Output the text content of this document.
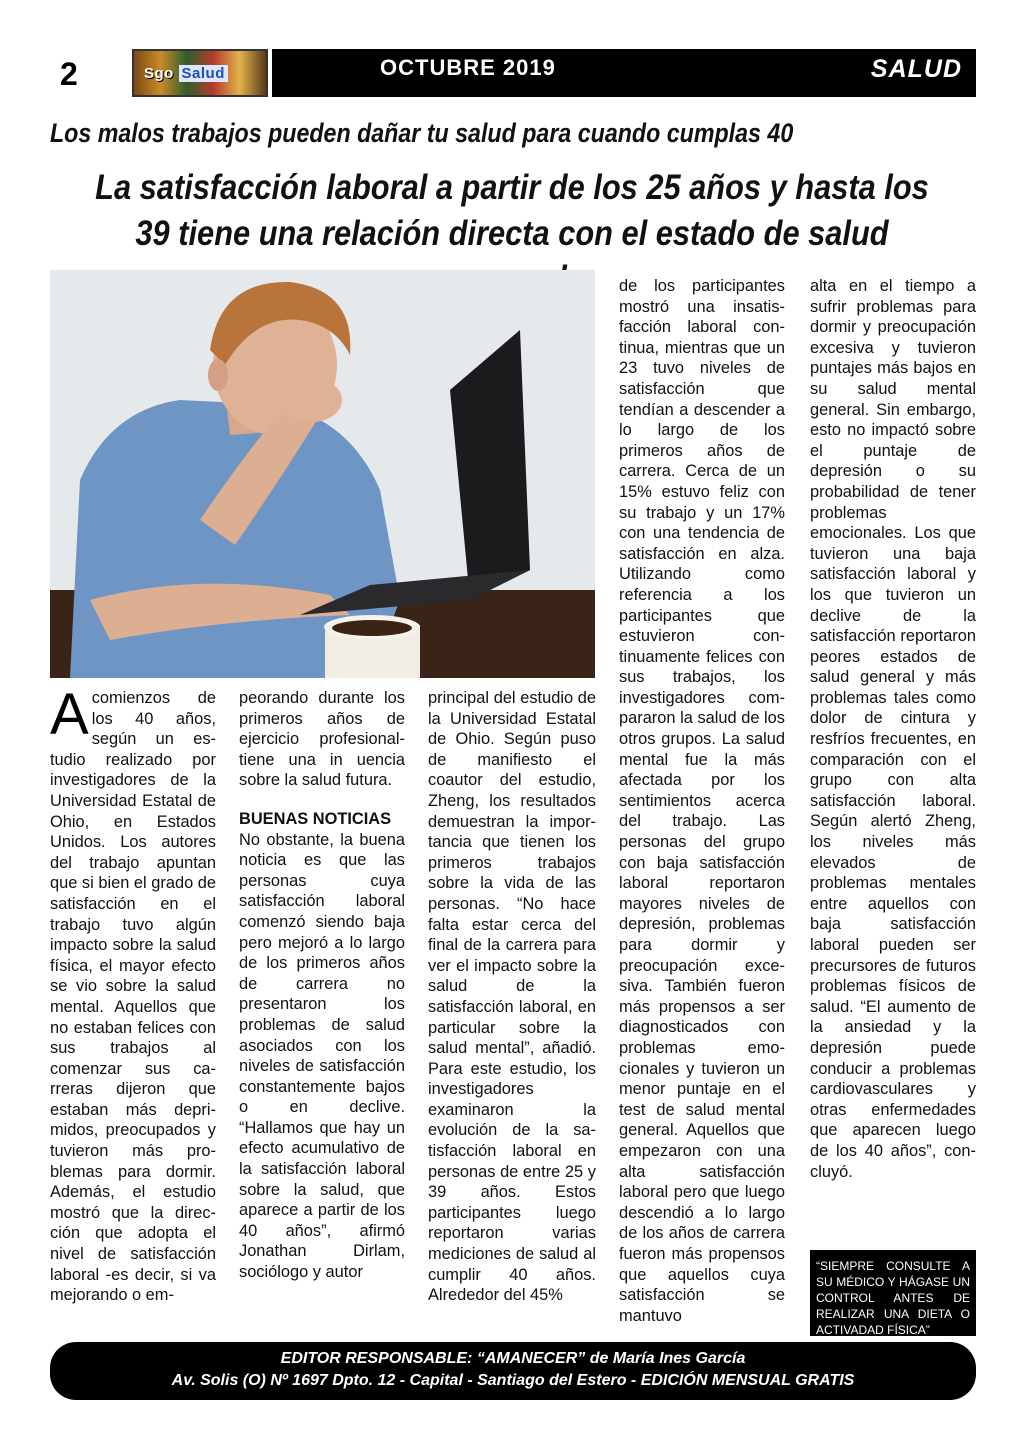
2	Sgo Salud	OCTUBRE 2019	SALUD
Los malos trabajos pueden dañar tu salud para cuando cumplas 40
La satisfacción laboral a partir de los 25 años y hasta los 39 tiene una relación directa con el estado de salud
A comienzos de los 40 años, según un estudio realizado por investigadores de la Universidad Estatal de Ohio, en Estados Unidos. Los autores del trabajo apuntan que si bien el grado de satisfacción en el trabajo tuvo algún impacto sobre la salud física, el mayor efecto se vio sobre la salud mental. Aquellos que no estaban felices con sus trabajos al comenzar sus carreras dijeron que estaban más deprimidos, preocupados y tuvieron más problemas para dormir. Además, el estudio mostró que la dirección que adopta el nivel de satisfacción laboral -es decir, si va mejorando o em-

peorando durante los primeros años de ejercicio profesional- tiene una in uencia sobre la salud futura.

BUENAS NOTICIAS

No obstante, la buena noticia es que las personas cuya satisfacción laboral comenzó siendo baja pero mejoró a lo largo de los primeros años de carrera no presentaron los problemas de salud asociados con los niveles de satisfacción constantemente bajos o en declive. “Hallamos que hay un efecto acumulativo de la satisfacción laboral sobre la salud, que aparece a partir de los 40 años”, afirmó Jonathan Dirlam, sociólogo y autor

principal del estudio de la Universidad Estatal de Ohio. Según puso de manifiesto el coautor del estudio, Zheng, los resultados demuestran la importancia que tienen los primeros trabajos sobre la vida de las personas. “No hace falta estar cerca del final de la carrera para ver el impacto sobre la salud de la satisfacción laboral, en particular sobre la salud mental”, añadió. Para este estudio, los investigadores examinaron la evolución de la satisfacción laboral en personas de entre 25 y 39 años. Estos participantes luego reportaron varias mediciones de salud al cumplir 40 años. Alrededor del 45%

de los participantes mostró una insatisfacción laboral continua, mientras que un 23 tuvo niveles de satisfacción que tendían a descender a lo largo de los primeros años de carrera. Cerca de un 15% estuvo feliz con su trabajo y un 17% con una tendencia de satisfacción en alza. Utilizando como referencia a los participantes que estuvieron continuamente felices con sus trabajos, los investigadores compararon la salud de los otros grupos. La salud mental fue la más afectada por los sentimientos acerca del trabajo. Las personas del grupo con baja satisfacción laboral reportaron mayores niveles de depresión, problemas para dormir y preocupación excesiva. También fueron más propensos a ser diagnosticados con problemas emocionales y tuvieron un menor puntaje en el test de salud mental general. Aquellos que empezaron con una alta satisfacción laboral pero que luego descendió a lo largo de los años de carrera fueron más propensos que aquellos cuya satisfacción se mantuvo

alta en el tiempo a sufrir problemas para dormir y preocupación excesiva y tuvieron puntajes más bajos en su salud mental general. Sin embargo, esto no impactó sobre el puntaje de depresión o su probabilidad de tener problemas emocionales. Los que tuvieron una baja satisfacción laboral y los que tuvieron un declive de la satisfacción reportaron peores estados de salud general y más problemas tales como dolor de cintura y resfríos frecuentes, en comparación con el grupo con alta satisfacción laboral. Según alertó Zheng, los niveles más elevados de problemas mentales entre aquellos con baja satisfacción laboral pueden ser precursores de futuros problemas físicos de salud. “El aumento de la ansiedad y la depresión puede conducir a problemas cardiovasculares y otras enfermedades que aparecen luego de los 40 años”, concluyó.

“SIEMPRE CONSULTE A SU MÉDICO Y HÁGASE UN CONTROL ANTES DE REALIZAR UNA DIETA O ACTIVADAD FÍSICA”
EDITOR RESPONSABLE: “AMANECER” de María Ines García
Av. Solis (O) Nº 1697 Dpto. 12 - Capital - Santiago del Estero - EDICIÓN MENSUAL GRATIS
